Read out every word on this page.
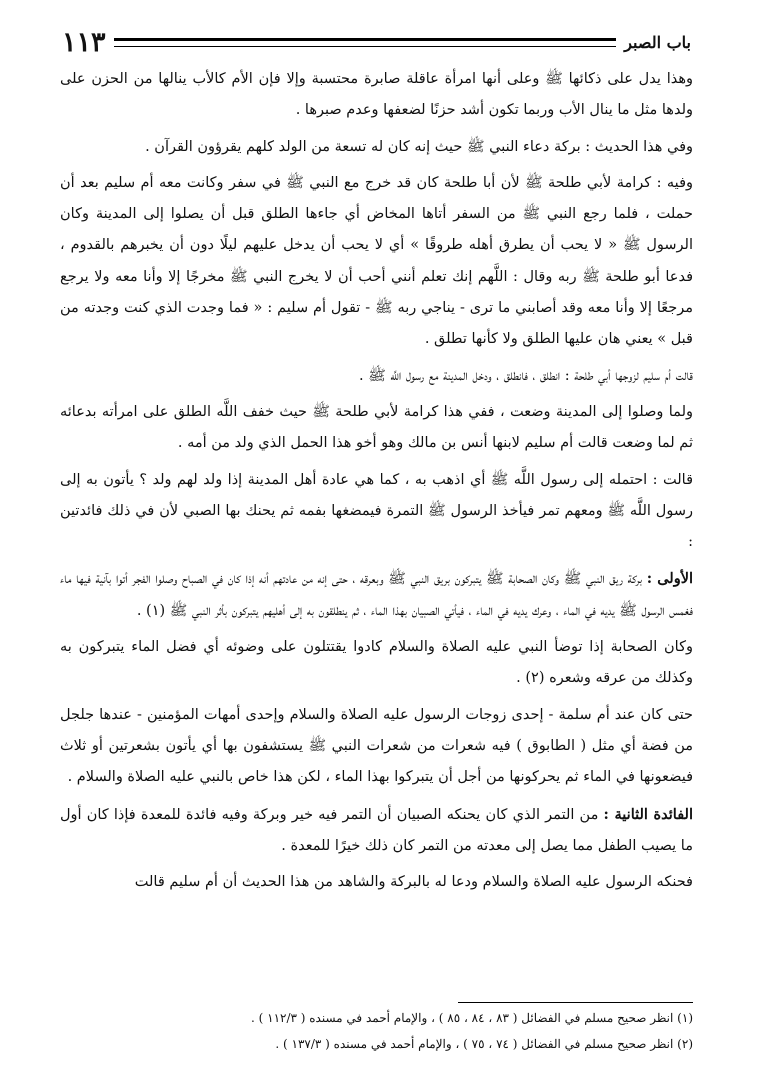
باب الصبر
١١٣

وهذا يدل على ذكائها ﷺ وعلى أنها امرأة عاقلة صابرة محتسبة وإلا فإن الأم كالأب ينالها من الحزن على ولدها مثل ما ينال الأب وربما تكون أشد حزنًا لضعفها وعدم صبرها .

وفي هذا الحديث : بركة دعاء النبي ﷺ حيث إنه كان له تسعة من الولد كلهم يقرؤون القرآن .

وفيه : كرامة لأبي طلحة ﷺ لأن أبا طلحة كان قد خرج مع النبي ﷺ في سفر وكانت معه أم سليم بعد أن حملت ، فلما رجع النبي ﷺ من السفر أتاها المخاض أي جاءها الطلق قبل أن يصلوا إلى المدينة وكان الرسول ﷺ « لا يحب أن يطرق أهله طروقًا » أي لا يحب أن يدخل عليهم ليلًا دون أن يخبرهم بالقدوم ، فدعا أبو طلحة ﷺ ربه وقال : اللَّهم إنك تعلم أنني أحب أن لا يخرج النبي ﷺ مخرجًا إلا وأنا معه ولا يرجع مرجعًا إلا وأنا معه وقد أصابني ما ترى - يناجي ربه ﷺ - تقول أم سليم : « فما وجدت الذي كنت وجدته من قبل » يعني هان عليها الطلق ولا كأنها تطلق .

قالت أم سليم لزوجها أبي طلحة : انطلق ، فانطلق ، ودخل المدينة مع رسول اللَّه ﷺ .

ولما وصلوا إلى المدينة وضعت ، ففي هذا كرامة لأبي طلحة ﷺ حيث خفف اللَّه الطلق على امرأته بدعائه ثم لما وضعت قالت أم سليم لابنها أنس بن مالك وهو أخو هذا الحمل الذي ولد من أمه .

قالت : احتمله إلى رسول اللَّه ﷺ أي اذهب به ، كما هي عادة أهل المدينة إذا ولد لهم ولد ؟ يأتون به إلى رسول اللَّه ﷺ ومعهم تمر فيأخذ الرسول ﷺ التمرة فيمضغها بفمه ثم يحنك بها الصبي لأن في ذلك فائدتين :

الأولى : بركة ريق النبي ﷺ وكان الصحابة ﷺ يتبركون بريق النبي ﷺ وبعرقه ، حتى إنه من عادتهم أنه إذا كان في الصباح وصلوا الفجر أتوا بآنية فيها ماء فغمس الرسول ﷺ يديه في الماء ، وعرك يديه في الماء ، فيأتي الصبيان بهذا الماء ، ثم ينطلقون به إلى أهليهم يتبركون بأثر النبي ﷺ (١) .

وكان الصحابة إذا توضأ النبي عليه الصلاة والسلام كادوا يقتتلون على وضوئه أي فضل الماء يتبركون به وكذلك من عرقه وشعره (٢) .

حتى كان عند أم سلمة - إحدى زوجات الرسول عليه الصلاة والسلام وإحدى أمهات المؤمنين - عندها جلجل من فضة أي مثل ( الطابوق ) فيه شعرات من شعرات النبي ﷺ يستشفون بها أي يأتون بشعرتين أو ثلاث فيضعونها في الماء ثم يحركونها من أجل أن يتبركوا بهذا الماء ، لكن هذا خاص بالنبي عليه الصلاة والسلام .

الفائدة الثانية : من التمر الذي كان يحنكه الصبيان أن التمر فيه خير وبركة وفيه فائدة للمعدة فإذا كان أول ما يصيب الطفل مما يصل إلى معدته من التمر كان ذلك خيرًا للمعدة .

فحنكه الرسول عليه الصلاة والسلام ودعا له بالبركة والشاهد من هذا الحديث أن أم سليم قالت

(١) انظر صحيح مسلم في الفضائل ( ٨٣ ، ٨٤ ، ٨٥ ) ، والإمام أحمد في مسنده ( ١١٢/٣ ) .

(٢) انظر صحيح مسلم في الفضائل ( ٧٤ ، ٧٥ ) ، والإمام أحمد في مسنده ( ١٣٧/٣ ) .
